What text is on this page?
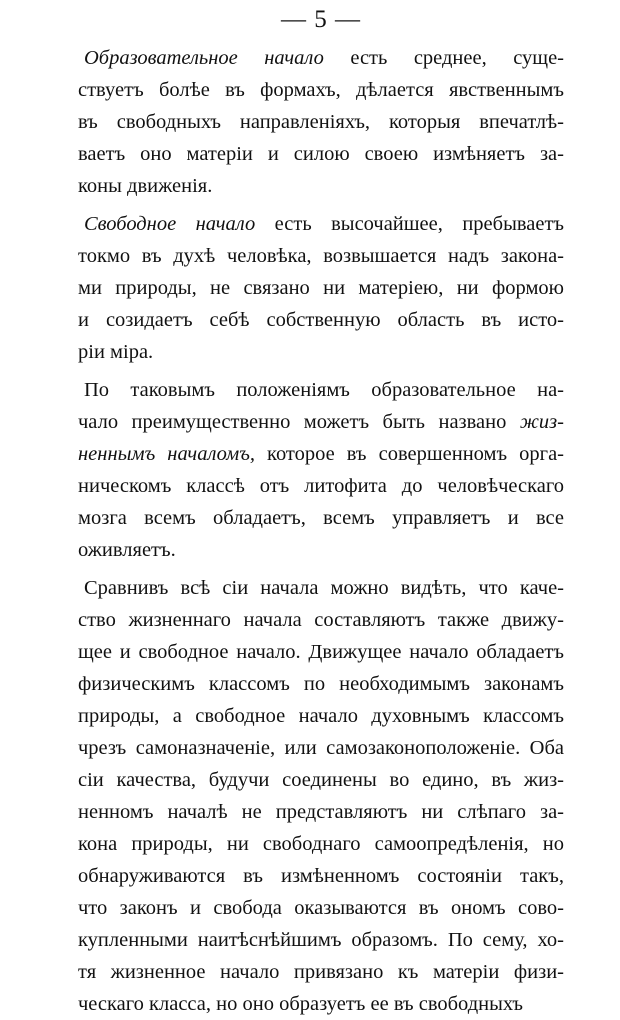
— 5 —

Образовательное начало есть среднее, суще-
ствуетъ болѣе въ формахъ, дѣлается явственнымъ
въ свободныхъ направленіяхъ, которыя впечатлѣ-
ваетъ оно матеріи и силою своею измѣняетъ за-
коны движенія.

Свободное начало есть высочайшее, пребываетъ
токмо въ духѣ человѣка, возвышается надъ закона-
ми природы, не связано ни матеріею, ни формою
и созидаетъ себѣ собственную область въ исто-
ріи міра.

По таковымъ положеніямъ образовательное на-
чало преимущественно можетъ быть названо жиз-
неннымъ началомъ, которое въ совершенномъ орга-
ническомъ классѣ отъ литофита до человѣческаго
мозга всемъ обладаетъ, всемъ управляетъ и все
оживляетъ.

Сравнивъ всѣ сіи начала можно видѣть, что каче-
ство жизненнаго начала составляютъ также движу-
щее и свободное начало. Движущее начало обладаетъ
физическимъ классомъ по необходимымъ законамъ
природы, а свободное начало духовнымъ классомъ
чрезъ самоназначеніе, или самозаконоположеніе. Оба
сіи качества, будучи соединены во едино, въ жиз-
ненномъ началѣ не представляютъ ни слѣпаго за-
кона природы, ни свободнаго самоопредѣленія, но
обнаруживаются въ измѣненномъ состояніи такъ,
что законъ и свобода оказываются въ ономъ сово-
купленными наитѣснѣйшимъ образомъ. По сему, хо-
тя жизненное начало привязано къ матеріи физи-
ческаго класса, но оно образуетъ ее въ свободныхъ
